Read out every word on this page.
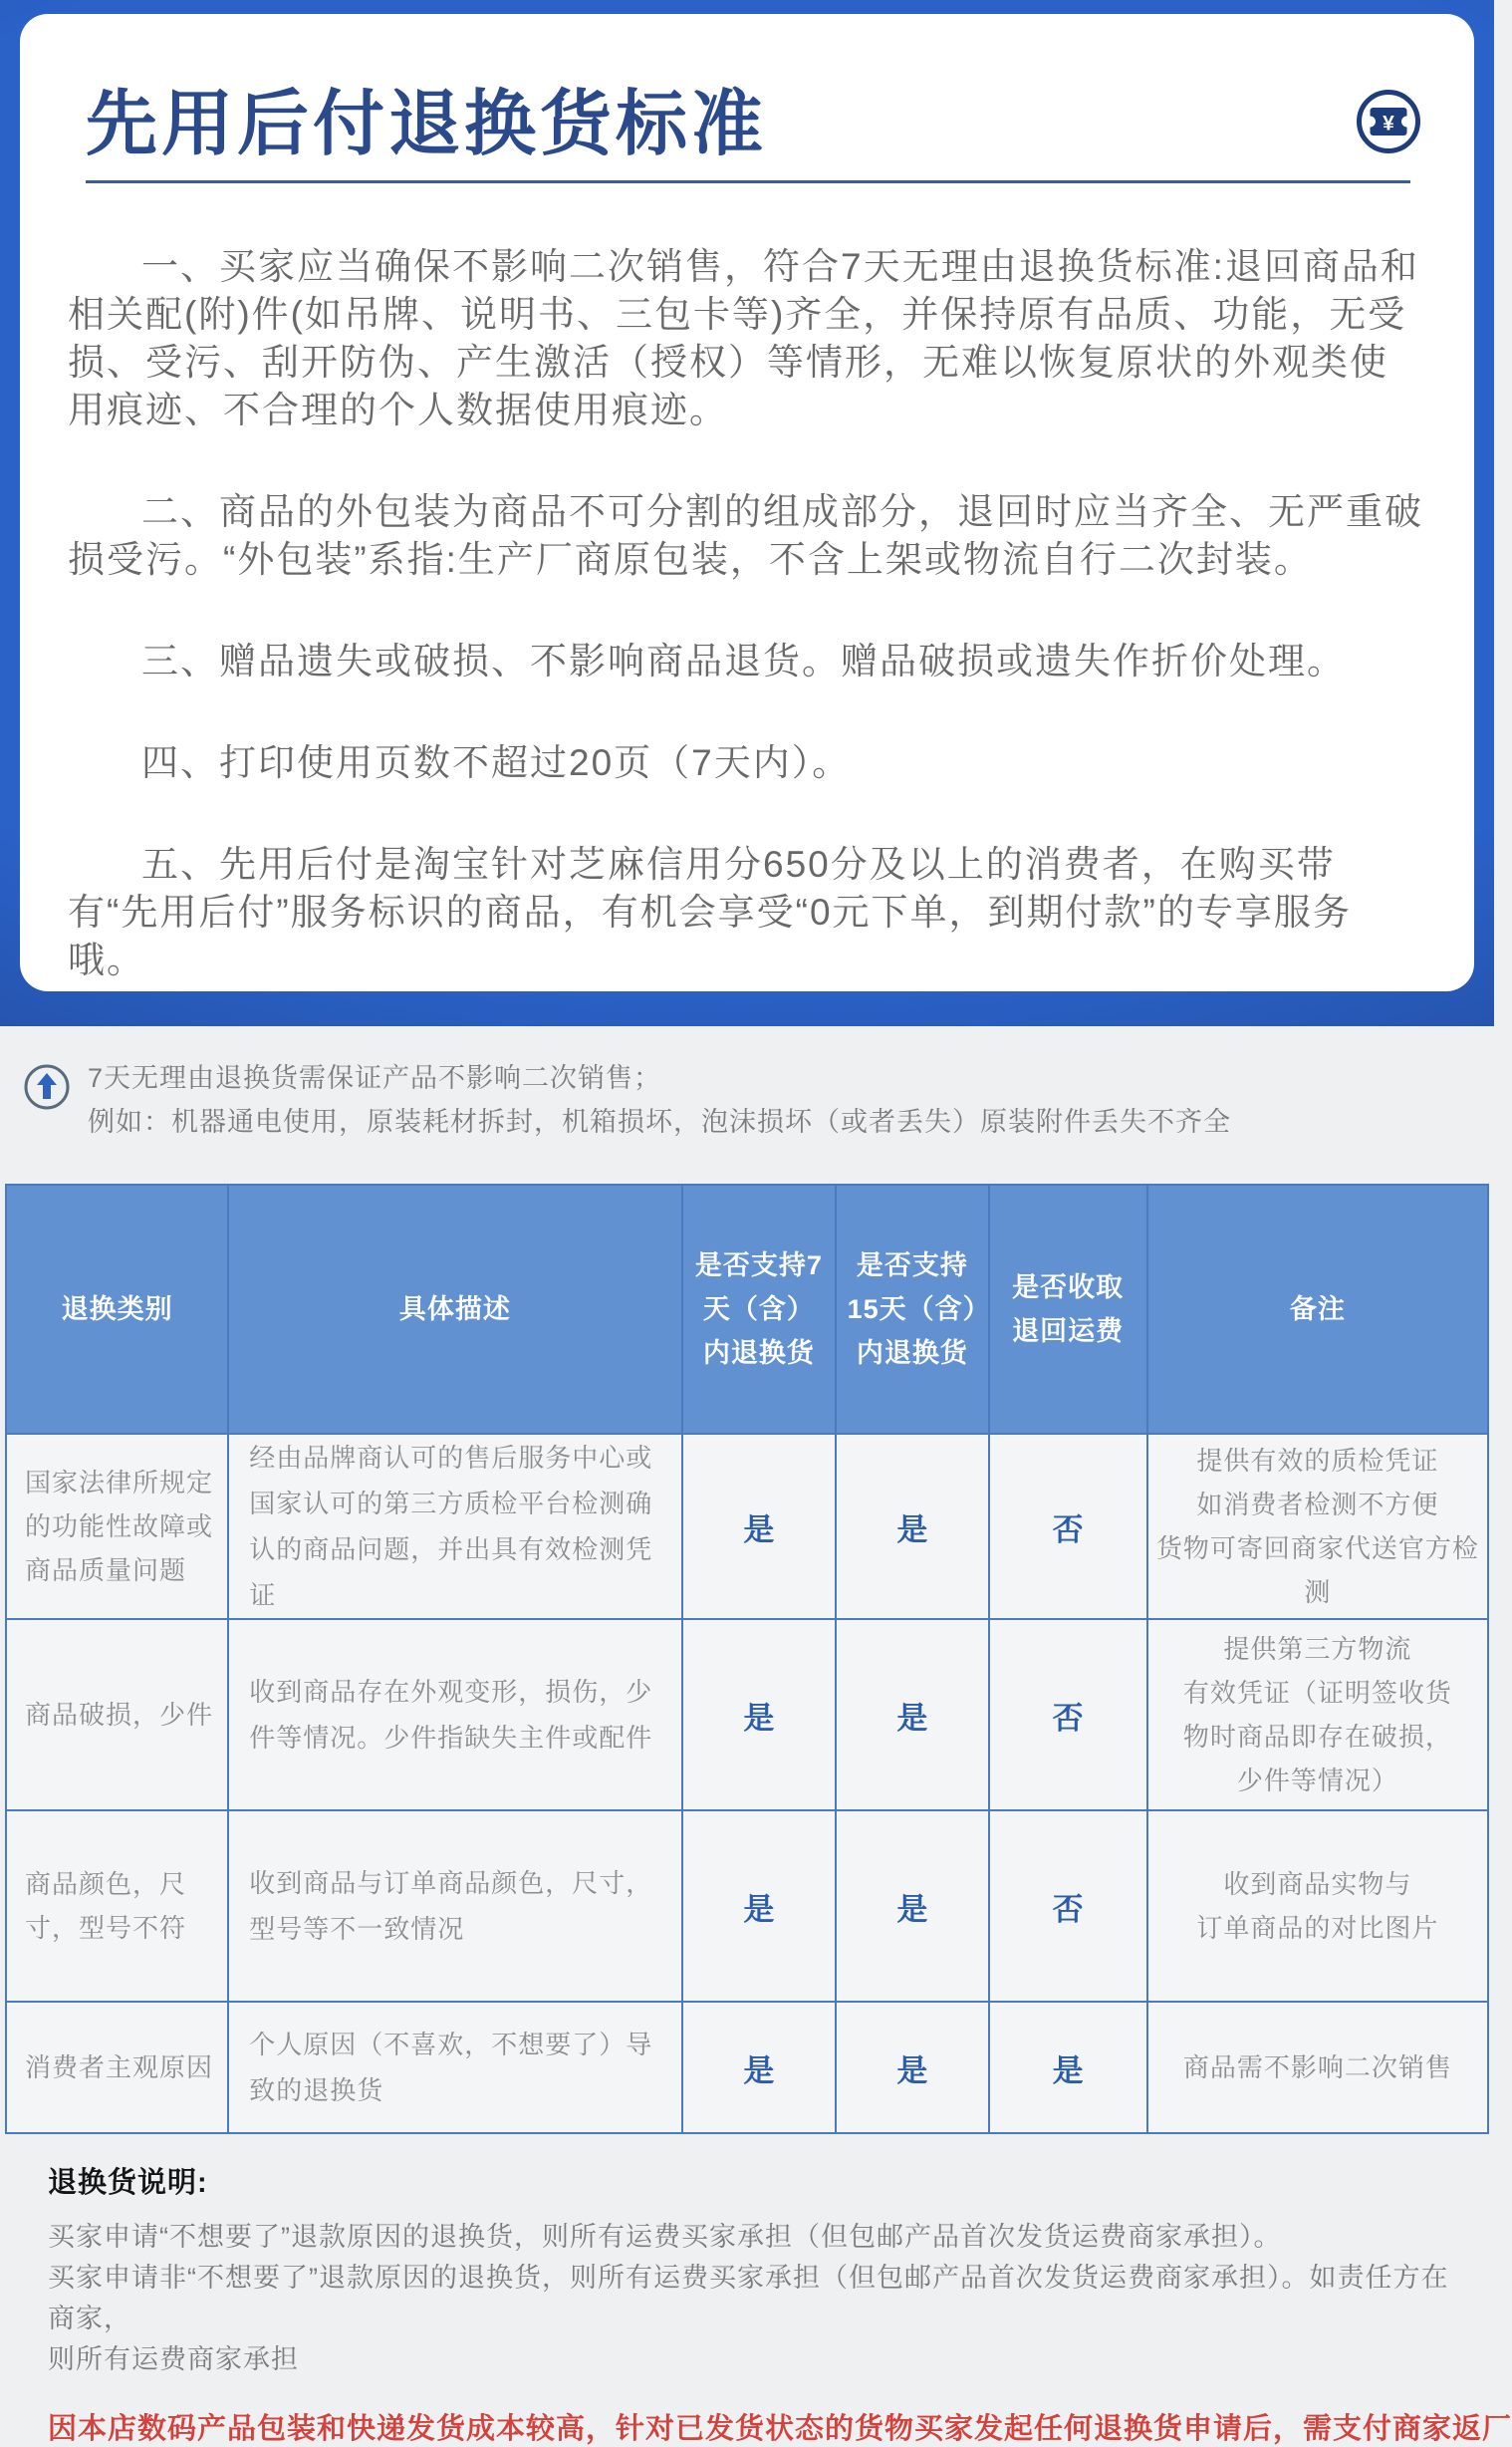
先用后付退换货标准	¥

一、买家应当确保不影响二次销售，符合7天无理由退换货标准:退回商品和相关配(附)件(如吊牌、说明书、三包卡等)齐全，并保持原有品质、功能，无受损、受污、刮开防伪、产生激活（授权）等情形，无难以恢复原状的外观类使用痕迹、不合理的个人数据使用痕迹。

二、商品的外包装为商品不可分割的组成部分，退回时应当齐全、无严重破损受污。“外包装”系指:生产厂商原包装，不含上架或物流自行二次封装。

三、赠品遗失或破损、不影响商品退货。赠品破损或遗失作折价处理。

四、打印使用页数不超过20页（7天内）。

五、先用后付是淘宝针对芝麻信用分650分及以上的消费者，在购买带有“先用后付”服务标识的商品，有机会享受“0元下单，到期付款”的专享服务哦。

7天无理由退换货需保证产品不影响二次销售；
例如：机器通电使用，原装耗材拆封，机箱损坏，泡沫损坏（或者丢失）原装附件丢失不齐全
退换类别	具体描述	是否支持7天（含）内退换货	是否支持15天（含）内退换货	是否收取退回运费	备注
国家法律所规定的功能性故障或商品质量问题	经由品牌商认可的售后服务中心或国家认可的第三方质检平台检测确认的商品问题，并出具有效检测凭证	是	是	否	提供有效的质检凭证
如消费者检测不方便
货物可寄回商家代送官方检测
商品破损，少件	收到商品存在外观变形，损伤，少件等情况。少件指缺失主件或配件	是	是	否	提供第三方物流
有效凭证（证明签收货
物时商品即存在破损，
少件等情况）
商品颜色，尺寸，型号不符	收到商品与订单商品颜色，尺寸，型号等不一致情况	是	是	否	收到商品实物与
订单商品的对比图片
消费者主观原因	个人原因（不喜欢，不想要了）导致的退换货	是	是	是	商品需不影响二次销售
退换货说明:

买家申请“不想要了”退款原因的退换货，则所有运费买家承担（但包邮产品首次发货运费商家承担）。

买家申请非“不想要了”退款原因的退换货，则所有运费买家承担（但包邮产品首次发货运费商家承担）。如责任方在商家，

则所有运费商家承担

因本店数码产品包装和快递发货成本较高，针对已发货状态的货物买家发起任何退换货申请后，需支付商家返厂
